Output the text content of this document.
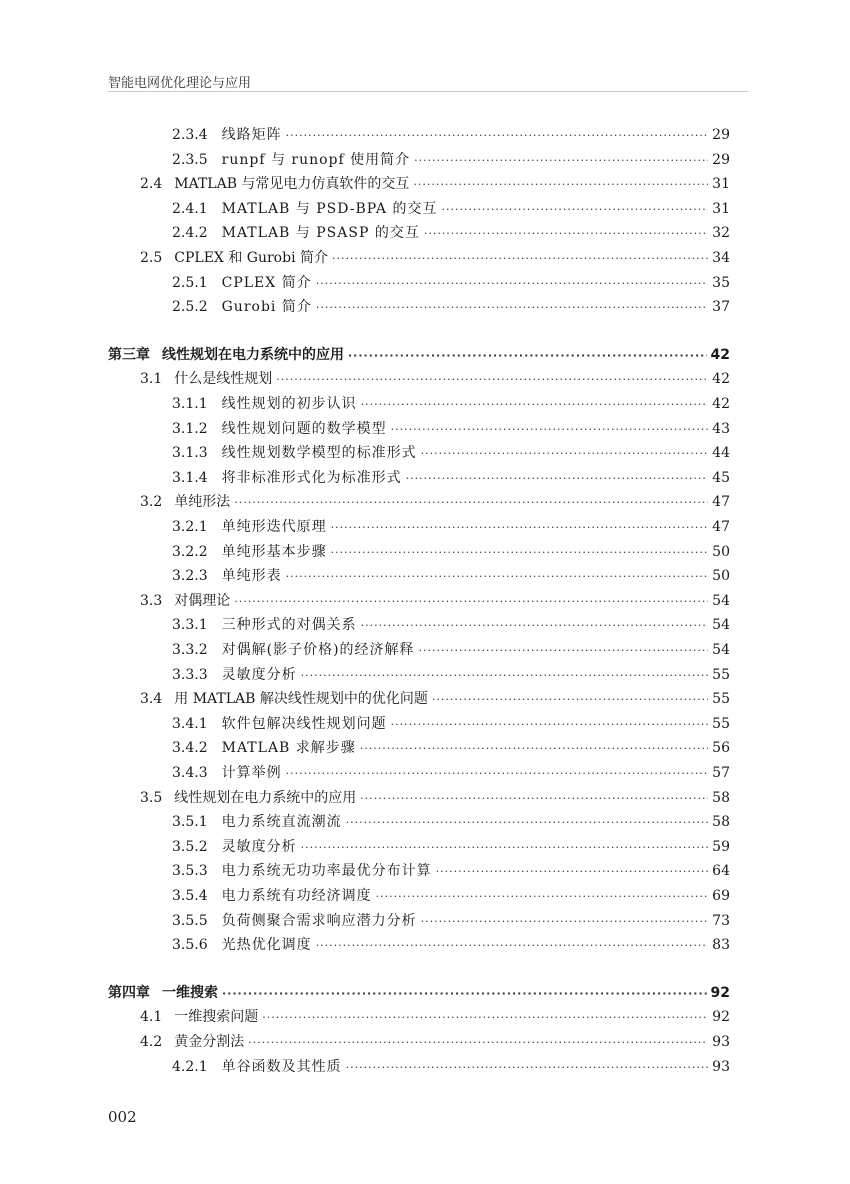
智能电网优化理论与应用
2.3.4 线路矩阵 ·····	29
2.3.5 runpf 与 runopf 使用简介 ·····	29
2.4 MATLAB 与常见电力仿真软件的交互 ·····	31
2.4.1 MATLAB 与 PSD-BPA 的交互 ·····	31
2.4.2 MATLAB 与 PSASP 的交互 ·····	32
2.5 CPLEX 和 Gurobi 简介 ·····	34
2.5.1 CPLEX 简介 ·····	35
2.5.2 Gurobi 简介 ·····	37
第三章 线性规划在电力系统中的应用 ·····	42
3.1 什么是线性规划 ·····	42
3.1.1 线性规划的初步认识 ·····	42
3.1.2 线性规划问题的数学模型 ·····	43
3.1.3 线性规划数学模型的标准形式 ·····	44
3.1.4 将非标准形式化为标准形式 ·····	45
3.2 单纯形法 ·····	47
3.2.1 单纯形迭代原理 ·····	47
3.2.2 单纯形基本步骤 ·····	50
3.2.3 单纯形表 ·····	50
3.3 对偶理论 ·····	54
3.3.1 三种形式的对偶关系 ·····	54
3.3.2 对偶解(影子价格)的经济解释 ·····	54
3.3.3 灵敏度分析 ·····	55
3.4 用 MATLAB 解决线性规划中的优化问题 ·····	55
3.4.1 软件包解决线性规划问题 ·····	55
3.4.2 MATLAB 求解步骤 ·····	56
3.4.3 计算举例 ·····	57
3.5 线性规划在电力系统中的应用 ·····	58
3.5.1 电力系统直流潮流 ·····	58
3.5.2 灵敏度分析 ·····	59
3.5.3 电力系统无功功率最优分布计算 ·····	64
3.5.4 电力系统有功经济调度 ·····	69
3.5.5 负荷侧聚合需求响应潜力分析 ·····	73
3.5.6 光热优化调度 ·····	83
第四章 一维搜索 ·····	92
4.1 一维搜索问题 ·····	92
4.2 黄金分割法 ·····	93
4.2.1 单谷函数及其性质 ·····	93
002
